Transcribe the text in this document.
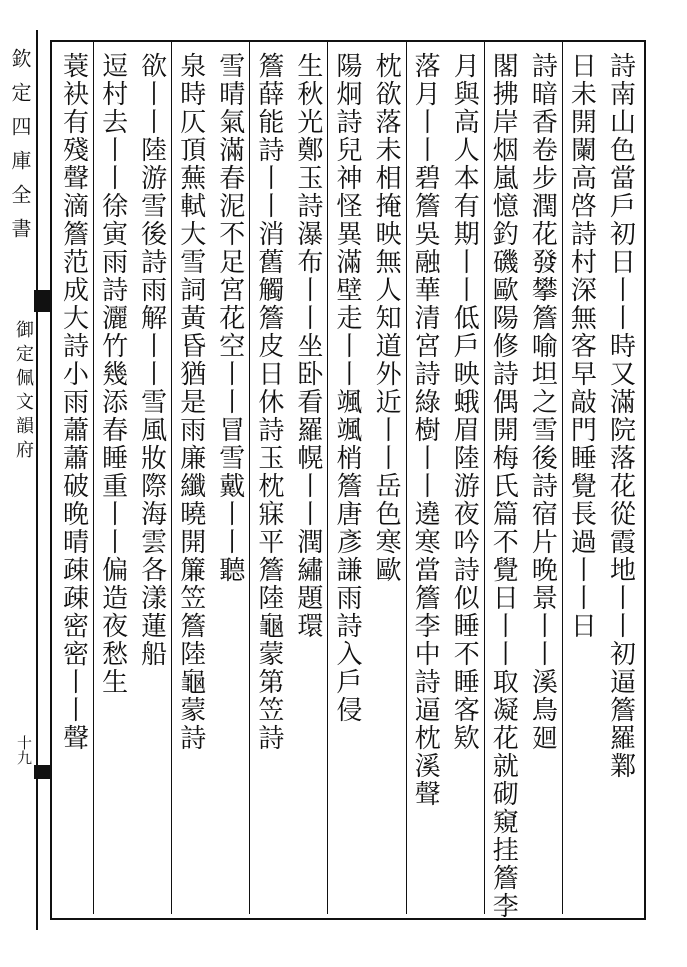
欽定四庫全書
御定佩文韻府
十九	詩南山色當戶初日丨丨時又滿院落花從霞地丨丨初逼簷羅鄴
日未開闌高啓詩村深無客早敲門睡覺長過丨丨日
詩暗香卷步潤花發攀簷喻坦之雪後詩宿片晚景丨丨溪鳥廻
閣拂岸烟嵐憶釣磯歐陽修詩偶開梅氏篇不覺日丨丨取凝花就砌窺挂簷李
月與高人本有期丨丨低戶映蛾眉陸游夜吟詩似睡不睡客欵
落月丨丨碧簷吳融華清宮詩綠樹丨丨遶寒當簷李中詩逼枕溪聲
枕欲落未相掩映無人知道外近丨丨岳色寒歐
陽炯詩兒神怪異滿壁走丨丨颯颯梢簷唐彥謙雨詩入戶侵
生秋光鄭玉詩瀑布丨丨坐卧看羅幌丨丨潤繡題環
簷薛能詩丨丨消舊觸簷皮日休詩玉枕寐平簷陸龜蒙第笠詩
雪晴氣滿春泥不足宮花空丨丨冒雪戴丨丨聽
泉時仄頂蕪軾大雪詞黃昏猶是雨廉纖曉開簾笠簷陸龜蒙詩
欲丨丨陸游雪後詩雨解丨丨雪風妝際海雲各漾蓮船
逗村去丨丨徐寅雨詩灑竹幾添春睡重丨丨偏造夜愁生
蓑袂有殘聲滴簷范成大詩小雨蕭蕭破晚晴疎疎密密丨丨聲
